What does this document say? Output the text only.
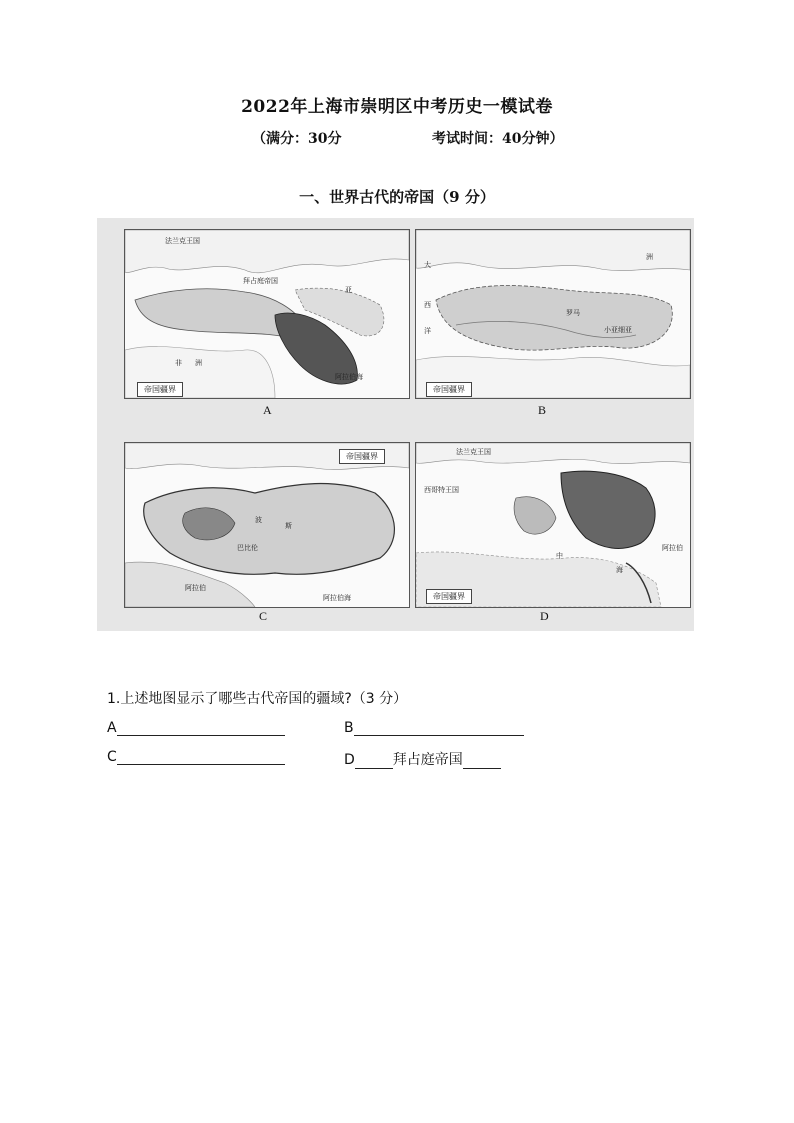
2022年上海市崇明区中考历史一模试卷
（满分：30分	考试时间：40分钟）
一、世界古代的帝国（9 分）
法兰克王国
拜占庭帝国
亚
非 洲
阿拉伯海
帝国疆界
大
西
洋
罗马
洲
小亚细亚
帝国疆界
波
斯
阿拉伯
阿拉伯海
巴比伦
帝国疆界	法兰克王国
西哥特王国
中
海
阿拉伯
帝国疆界
A	B
C	D
1.上述地图显示了哪些古代帝国的疆域?（3 分）
A	B
C	D	拜占庭帝国
